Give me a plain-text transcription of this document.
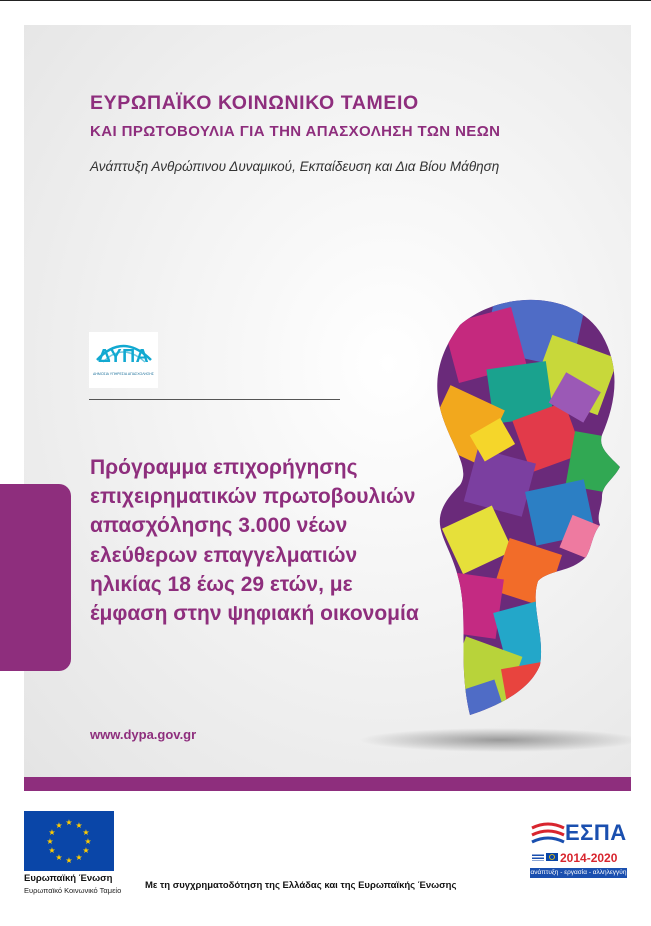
ΕΥΡΩΠΑΪΚΟ ΚΟΙΝΩΝΙΚΟ ΤΑΜΕΙΟ
ΚΑΙ ΠΡΩΤΟΒΟΥΛΙΑ ΓΙΑ ΤΗΝ ΑΠΑΣΧΟΛΗΣΗ ΤΩΝ ΝΕΩΝ

Ανάπτυξη Ανθρώπινου Δυναμικού, Εκπαίδευση και Δια Βίου Μάθηση

ΔΥΠΑ
ΔΗΜΟΣΙΑ ΥΠΗΡΕΣΙΑ ΑΠΑΣΧΟΛΗΣΗΣ

Πρόγραμμα επιχορήγησης επιχειρηματικών πρωτοβουλιών απασχόλησης 3.000 νέων ελεύθερων επαγγελματιών ηλικίας 18 έως 29 ετών, με έμφαση στην ψηφιακή οικονομία

www.dypa.gov.gr
★ ★
★
★
★
★
★
★
★
★
★
★
Ευρωπαϊκή Ένωση
Ευρωπαϊκό Κοινωνικό Ταμείο	Με τη συγχρηματοδότηση της Ελλάδας και της Ευρωπαϊκής Ένωσης
ΕΣΠΑ
2014-2020
ανάπτυξη - εργασία - αλληλεγγύη
